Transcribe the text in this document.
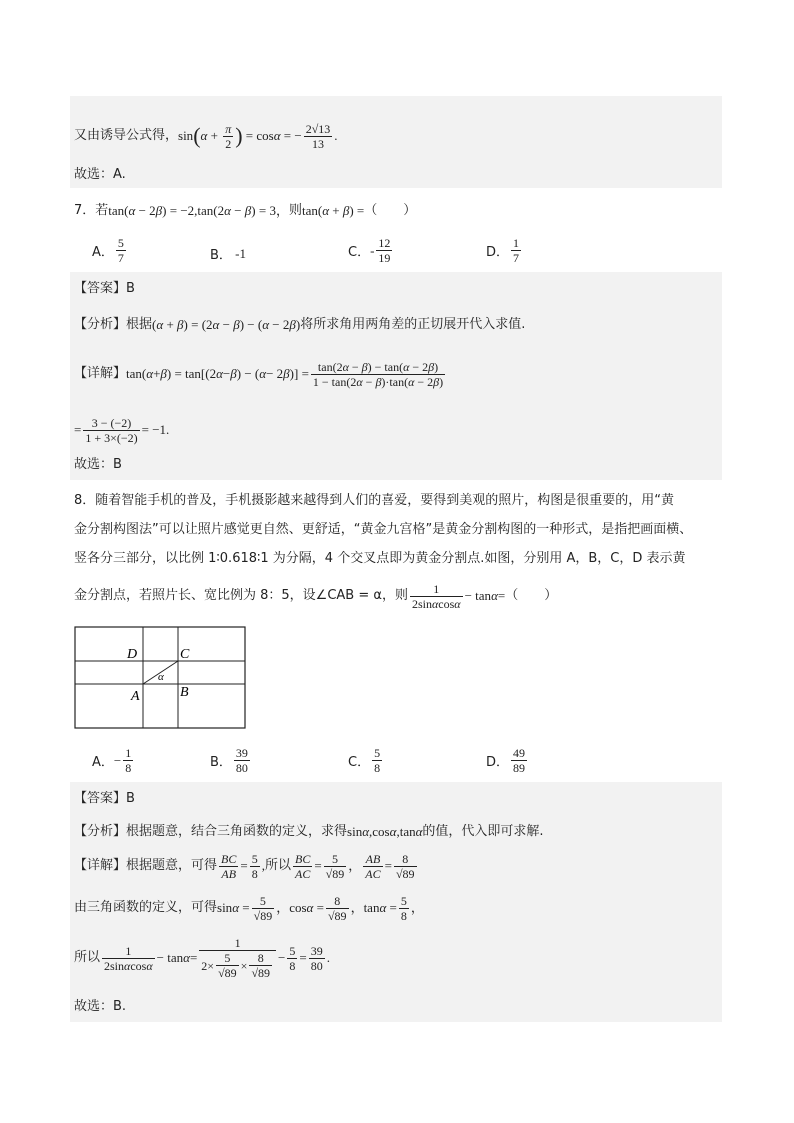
又由诱导公式得， sin ( $\alpha + \frac{\pi}{2}$ ) = cos α = − $\frac{2√13}{13}$ .
故选：A.
7．若 tan(α − 2β) = −2, tan(2α − β) = 3， 则 tan(α + β) = （　　）
A． $\frac{5}{7}$	B． -1	C． - $\frac{12}{19}$	D． $\frac{1}{7}$
【答案】B
【分析】 根据 (α + β) = (2α − β) − (α − 2β) 将所求角用两角差的正切展开代入求值.
【详解】 tan( α + β ) = tan[(2 α − β ) − ( α − 2 β )] = $\frac{\tan(2\alpha - \beta) - \tan(\alpha - 2\beta)}{1 - \tan(2\alpha - \beta)\cdot\tan(\alpha - 2\beta)}$
= $\frac{3 - (-2)}{1 + 3\times(-2)} = -1$.
故选：B
8．随着智能手机的普及，手机摄影越来越得到人们的喜爱，要得到美观的照片，构图是很重要的，用“黄
金分割构图法”可以让照片感觉更自然、更舒适，“黄金九宫格”是黄金分割构图的一种形式，是指把画面横、
竖各分三部分，以比例 1∶0.618∶1 为分隔，4 个交叉点即为黄金分割点.如图，分别用 A，B，C，D 表示黄
金分割点，若照片长、宽比例为 8：5，设∠CAB = α，则 $\frac{1}{2\sin\alpha\cos\alpha} - \tan \alpha$ = （　　）
D	C
A	B
α
A． − $\frac{1}{8}$	B． $\frac{39}{80}$	C． $\frac{5}{8}$	D． $\frac{49}{89}$
【答案】B
【分析】 根据题意，结合三角函数的定义，求得 sinα,cosα,tanα 的值，代入即可求解.
【详解】 根据题意，可得 $\frac{BC}{AB} = \frac{5}{8}$ , 所以 $\frac{BC}{AC} = \frac{5}{√89}$ ， $\frac{AB}{AC} = \frac{8}{√89}$
由三角函数的定义，可得 $\sin \alpha = \frac{5}{√89}$ ，$\cos \alpha = \frac{8}{√89}$ ，$\tan \alpha = \frac{5}{8}$ ，
所以 $\frac{1}{2\sin\alpha\cos\alpha} - \tan \alpha = \frac{1}{2\times \frac{5}{√89} \times \frac{8}{√89}} - \frac{5}{8} = \frac{39}{80}$ .
故选：B.
